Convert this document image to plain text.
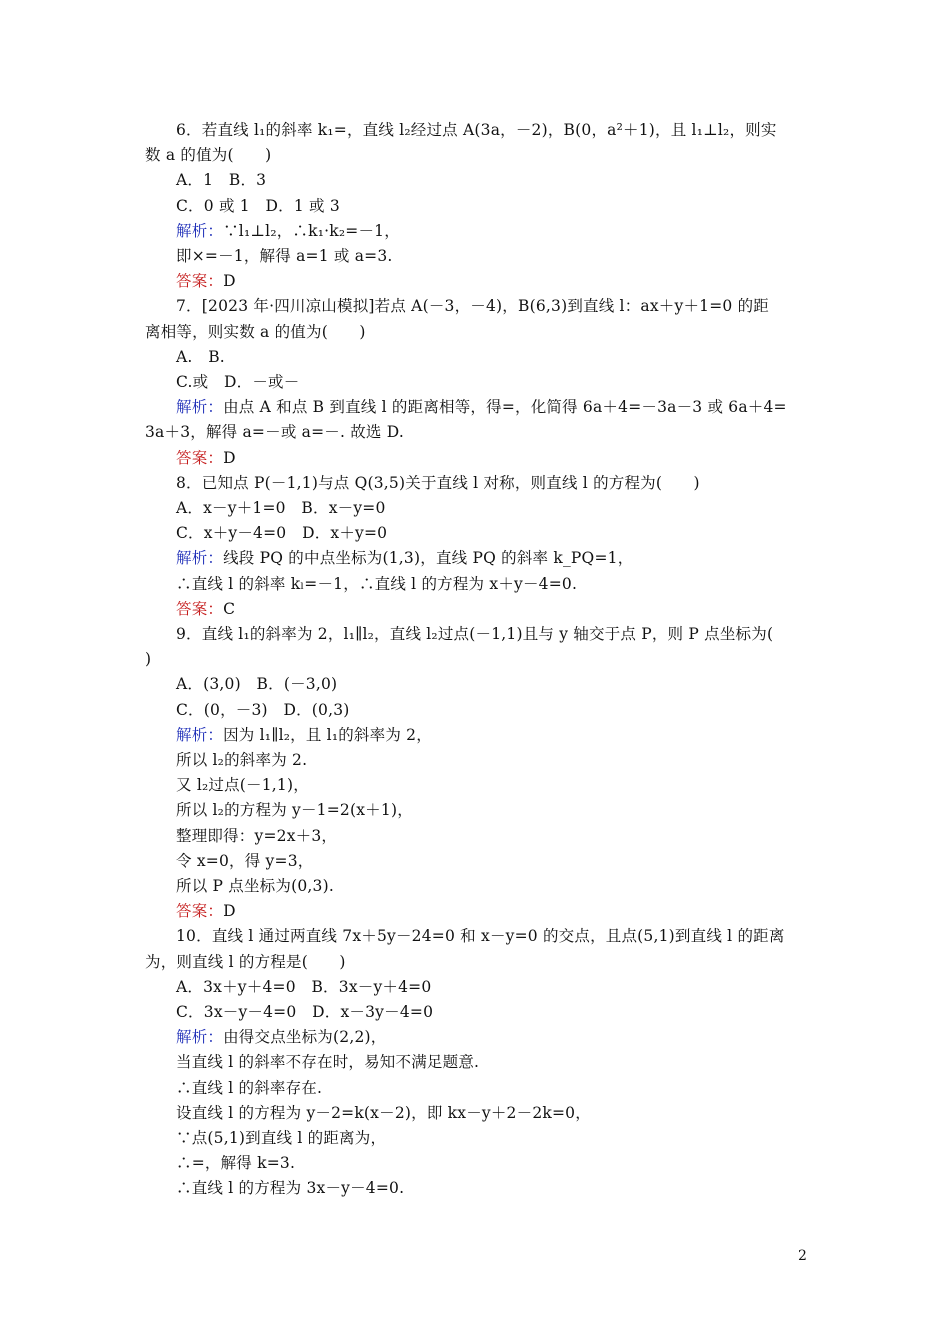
6．若直线 l₁的斜率 k₁=，直线 l₂经过点 A(3a，－2)，B(0，a²＋1)，且 l₁⊥l₂，则实
数 a 的值为(　　)
A．1　B．3
C．0 或 1　D．1 或 3
解析：∵l₁⊥l₂，∴k₁·k₂=－1，
即×=－1，解得 a=1 或 a=3.
答案：D
7．[2023 年·四川凉山模拟]若点 A(－3，－4)，B(6,3)到直线 l：ax＋y＋1=0 的距
离相等，则实数 a 的值为(　　)
A.　B.
C.或　D．－或－
解析：由点 A 和点 B 到直线 l 的距离相等，得=，化简得 6a＋4=－3a－3 或 6a＋4=
3a＋3，解得 a=－或 a=－. 故选 D.
答案：D
8．已知点 P(－1,1)与点 Q(3,5)关于直线 l 对称，则直线 l 的方程为(　　)
A．x－y＋1=0　B．x－y=0
C．x＋y－4=0　D．x＋y=0
解析：线段 PQ 的中点坐标为(1,3)，直线 PQ 的斜率 k_PQ=1，
∴直线 l 的斜率 kₗ=－1，∴直线 l 的方程为 x＋y－4=0.
答案：C
9．直线 l₁的斜率为 2，l₁∥l₂，直线 l₂过点(－1,1)且与 y 轴交于点 P，则 P 点坐标为(
)
A．(3,0)　B．(－3,0)
C．(0，－3)　D．(0,3)
解析：因为 l₁∥l₂，且 l₁的斜率为 2，
所以 l₂的斜率为 2.
又 l₂过点(－1,1)，
所以 l₂的方程为 y－1=2(x＋1)，
整理即得：y=2x＋3，
令 x=0，得 y=3，
所以 P 点坐标为(0,3).
答案：D
10．直线 l 通过两直线 7x＋5y－24=0 和 x－y=0 的交点，且点(5,1)到直线 l 的距离
为，则直线 l 的方程是(　　)
A．3x＋y＋4=0　B．3x－y＋4=0
C．3x－y－4=0　D．x－3y－4=0
解析：由得交点坐标为(2,2)，
当直线 l 的斜率不存在时，易知不满足题意.
∴直线 l 的斜率存在.
设直线 l 的方程为 y－2=k(x－2)，即 kx－y＋2－2k=0，
∵点(5,1)到直线 l 的距离为，
∴=，解得 k=3.
∴直线 l 的方程为 3x－y－4=0.
2
